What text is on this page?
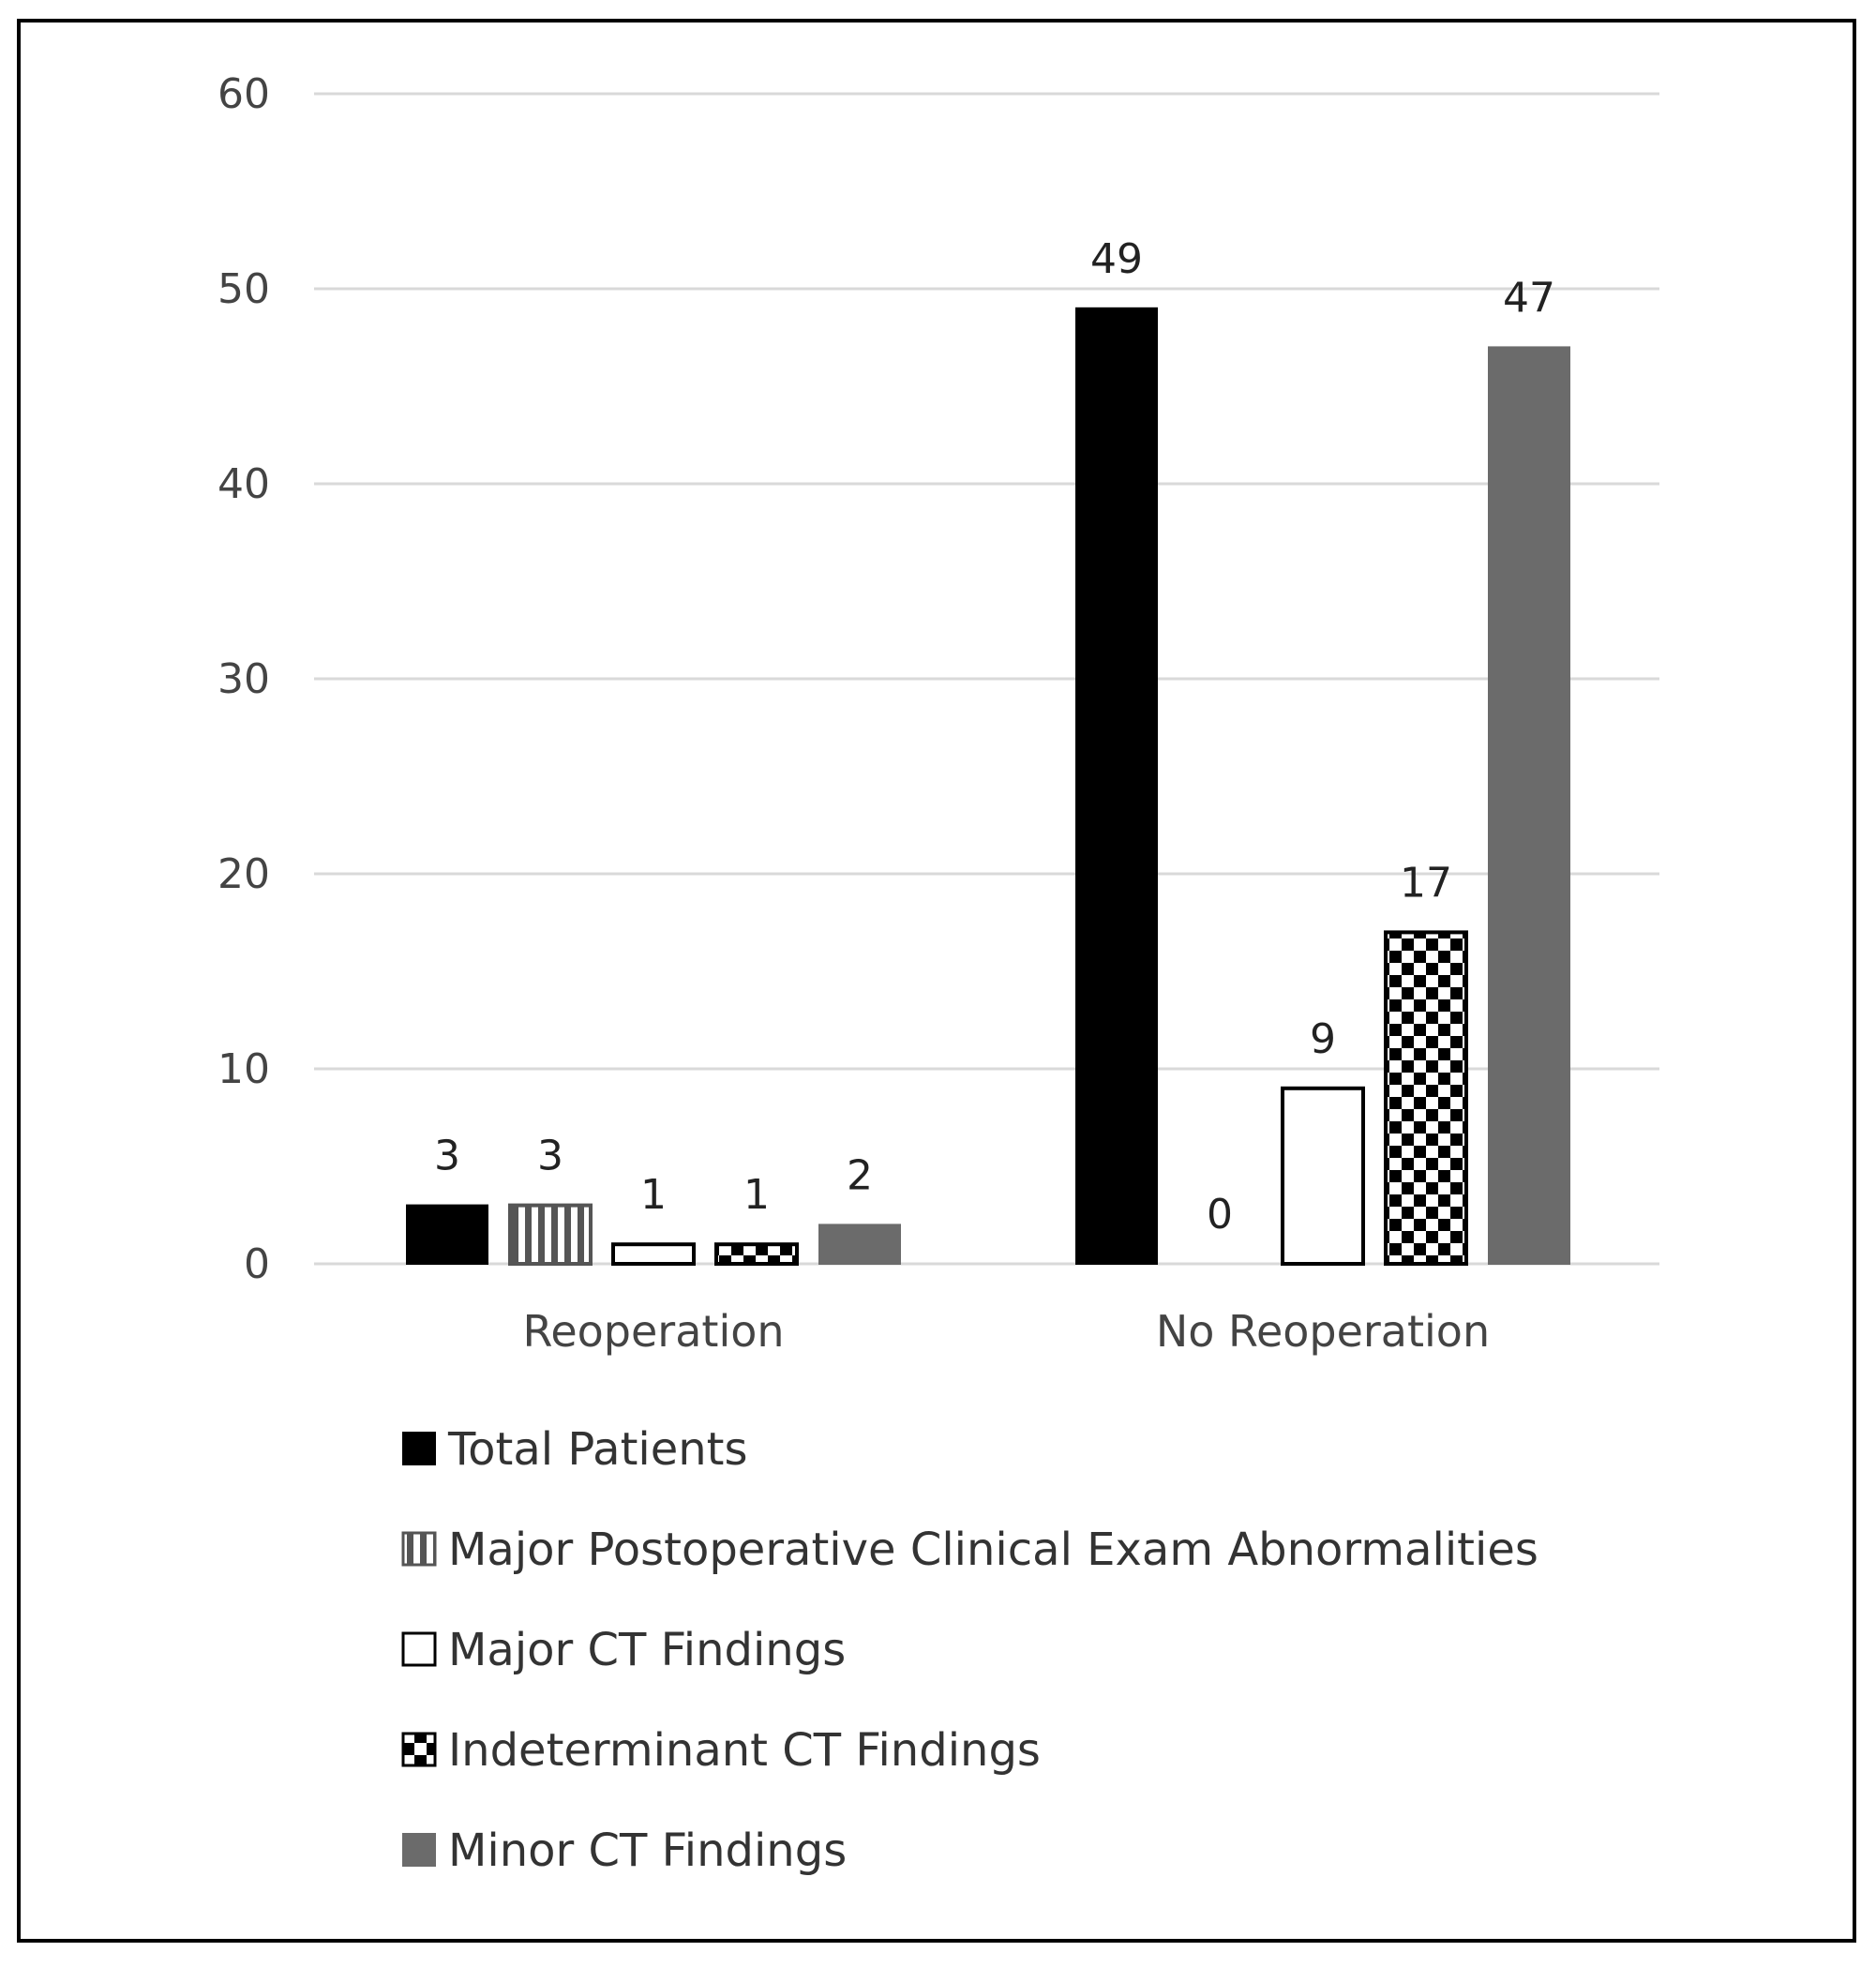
0
10
20
30
40
50
60
3
49
3
0
1
9
1
17
2
47
Reoperation	No Reoperation
Total Patients
Major Postoperative Clinical Exam Abnormalities
Major CT Findings
Indeterminant CT Findings
Minor CT Findings
